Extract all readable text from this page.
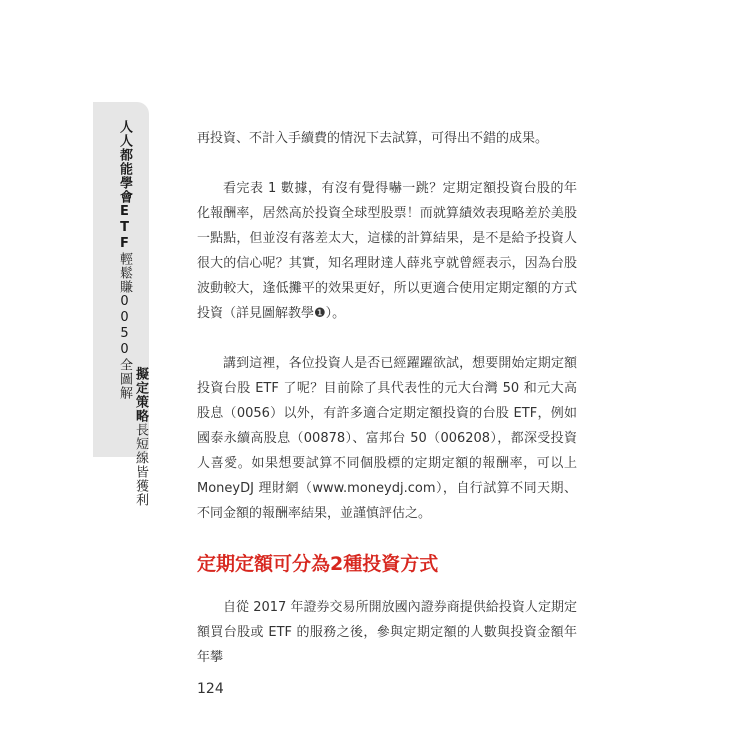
人人都能學會ETF輕鬆賺0050全圖解 擬定策略長短線皆獲利

再投資、不計入手續費的情況下去試算，可得出不錯的成果。

看完表 1 數據，有沒有覺得嚇一跳？定期定額投資台股的年化報酬率，居然高於投資全球型股票！而就算績效表現略差於美股一點點，但並沒有落差太大，這樣的計算結果，是不是給予投資人很大的信心呢？其實，知名理財達人薛兆亨就曾經表示，因為台股波動較大，逢低攤平的效果更好，所以更適合使用定期定額的方式投資（詳見圖解教學❶）。

講到這裡，各位投資人是否已經躍躍欲試，想要開始定期定額投資台股 ETF 了呢？目前除了具代表性的元大台灣 50 和元大高股息（0056）以外，有許多適合定期定額投資的台股 ETF，例如國泰永續高股息（00878）、富邦台 50（006208），都深受投資人喜愛。如果想要試算不同個股標的定期定額的報酬率，可以上 MoneyDJ 理財網（www.moneydj.com），自行試算不同天期、不同金額的報酬率結果，並謹慎評估之。

定期定額可分為2種投資方式

自從 2017 年證券交易所開放國內證券商提供給投資人定期定額買台股或 ETF 的服務之後，參與定期定額的人數與投資金額年年攀

124
